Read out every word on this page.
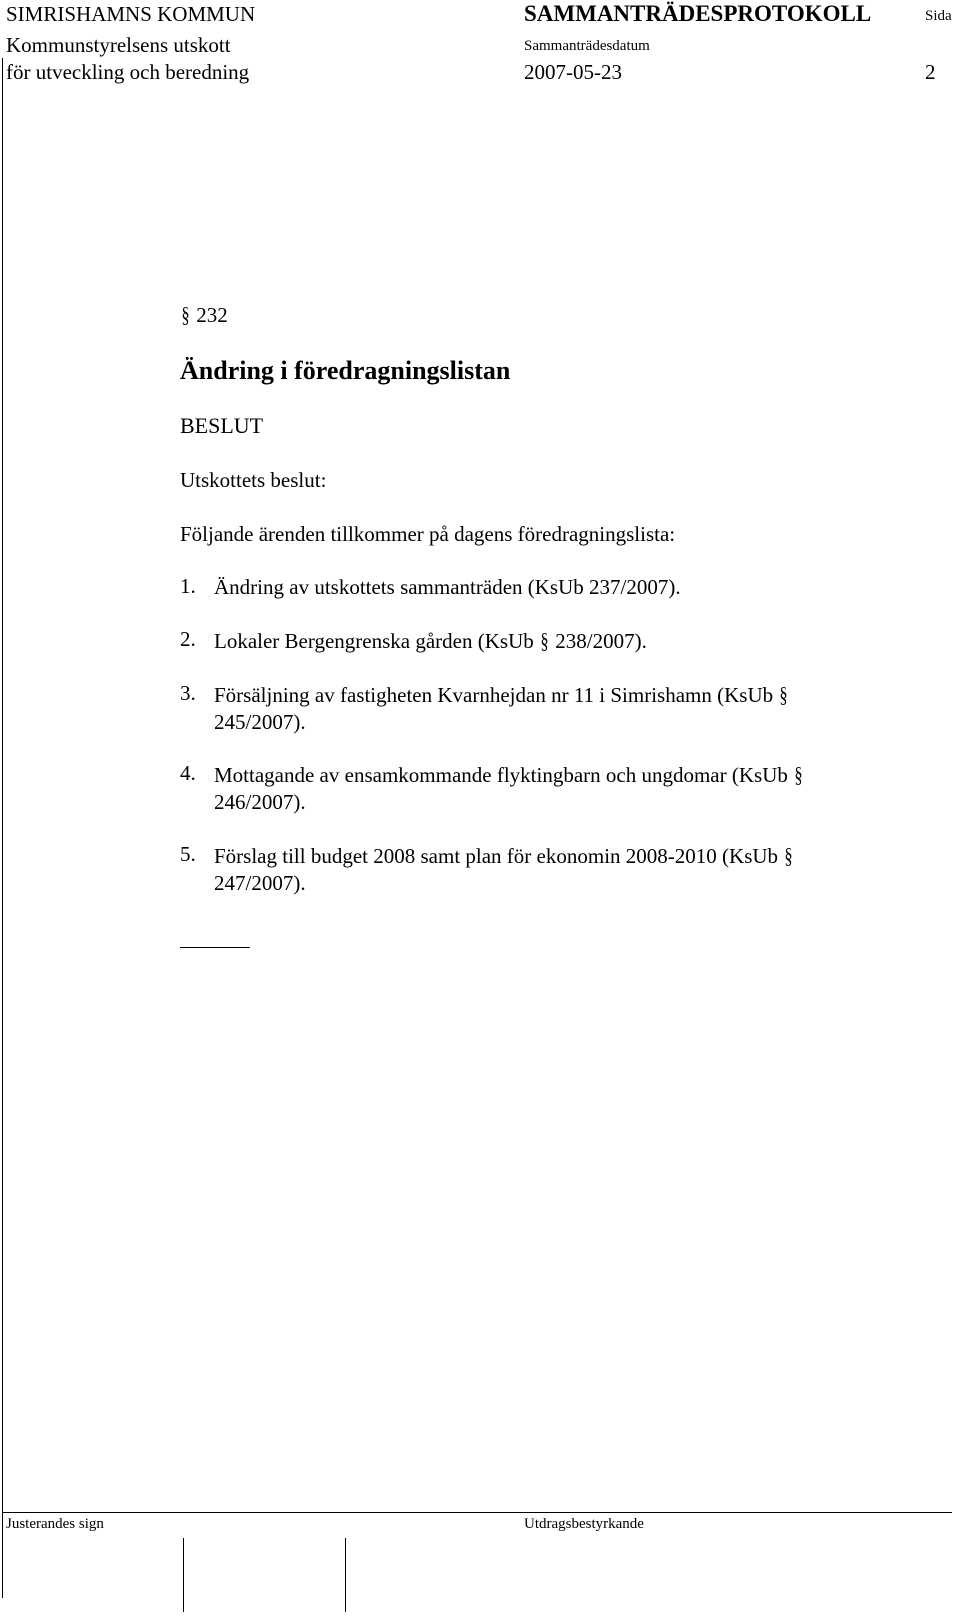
SIMRISHAMNS KOMMUN
Kommunstyrelsens utskott
för utveckling och beredning
SAMMANTRÄDESPROTOKOLL
Sammanträdesdatum
2007-05-23
Sida
2
§ 232
Ändring i föredragningslistan
BESLUT
Utskottets beslut:
Följande ärenden tillkommer på dagens föredragningslista:
1. Ändring av utskottets sammanträden (KsUb 237/2007).
2. Lokaler Bergengrenska gården (KsUb § 238/2007).
3. Försäljning av fastigheten Kvarnhejdan nr 11 i Simrishamn (KsUb §
245/2007).
4. Mottagande av ensamkommande flyktingbarn och ungdomar (KsUb §
246/2007).
5. Förslag till budget 2008 samt plan för ekonomin 2008-2010 (KsUb §
247/2007).
Justerandes sign	Utdragsbestyrkande
